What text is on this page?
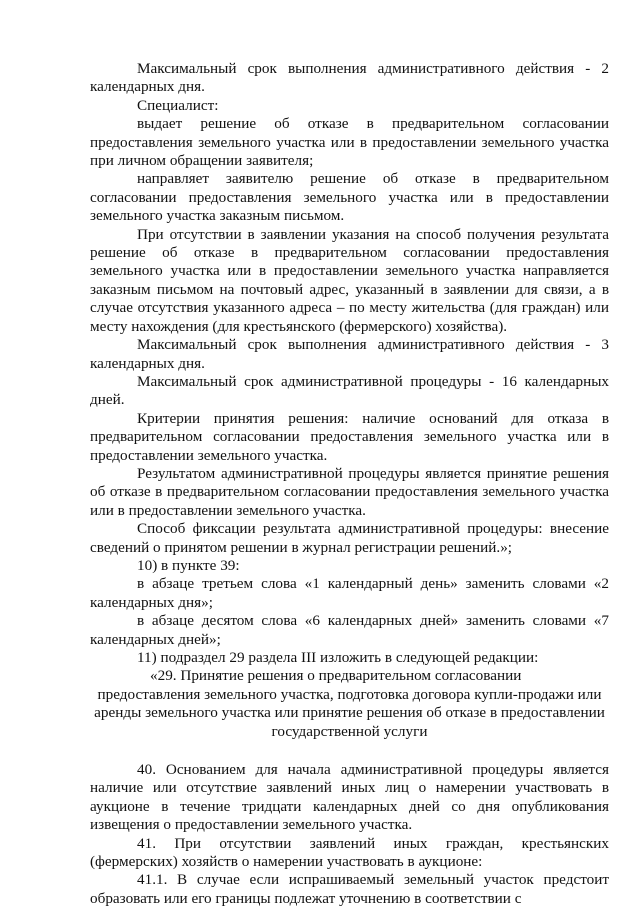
Максимальный срок выполнения административного действия - 2 календарных дня.

Специалист:

выдает решение об отказе в предварительном согласовании предоставления земельного участка или в предоставлении земельного участка при личном обращении заявителя;

направляет заявителю решение об отказе в предварительном согласовании предоставления земельного участка или в предоставлении земельного участка заказным письмом.

При отсутствии в заявлении указания на способ получения результата решение об отказе в предварительном согласовании предоставления земельного участка или в предоставлении земельного участка направляется заказным письмом на почтовый адрес, указанный в заявлении для связи, а в случае отсутствия указанного адреса – по месту жительства (для граждан) или месту нахождения (для крестьянского (фермерского) хозяйства).

Максимальный срок выполнения административного действия - 3 календарных дня.

Максимальный срок административной процедуры - 16 календарных дней.

Критерии принятия решения: наличие оснований для отказа в предварительном согласовании предоставления земельного участка или в предоставлении земельного участка.

Результатом административной процедуры является принятие решения об отказе в предварительном согласовании предоставления земельного участка или в предоставлении земельного участка.

Способ фиксации результата административной процедуры: внесение сведений о принятом решении в журнал регистрации решений.»;

10) в пункте 39:

в абзаце третьем слова «1 календарный день» заменить словами «2 календарных дня»;

в абзаце десятом слова «6 календарных дней» заменить словами «7 календарных дней»;

11) подраздел 29 раздела III изложить в следующей редакции:

«29. Принятие решения о предварительном согласовании

предоставления земельного участка, подготовка договора купли-продажи или аренды земельного участка или принятие решения об отказе в предоставлении государственной услуги

40. Основанием для начала административной процедуры является наличие или отсутствие заявлений иных лиц о намерении участвовать в аукционе в течение тридцати календарных дней со дня опубликования извещения о предоставлении земельного участка.

41. При отсутствии заявлений иных граждан, крестьянских (фермерских) хозяйств о намерении участвовать в аукционе:

41.1. В случае если испрашиваемый земельный участок предстоит образовать или его границы подлежат уточнению в соответствии с
